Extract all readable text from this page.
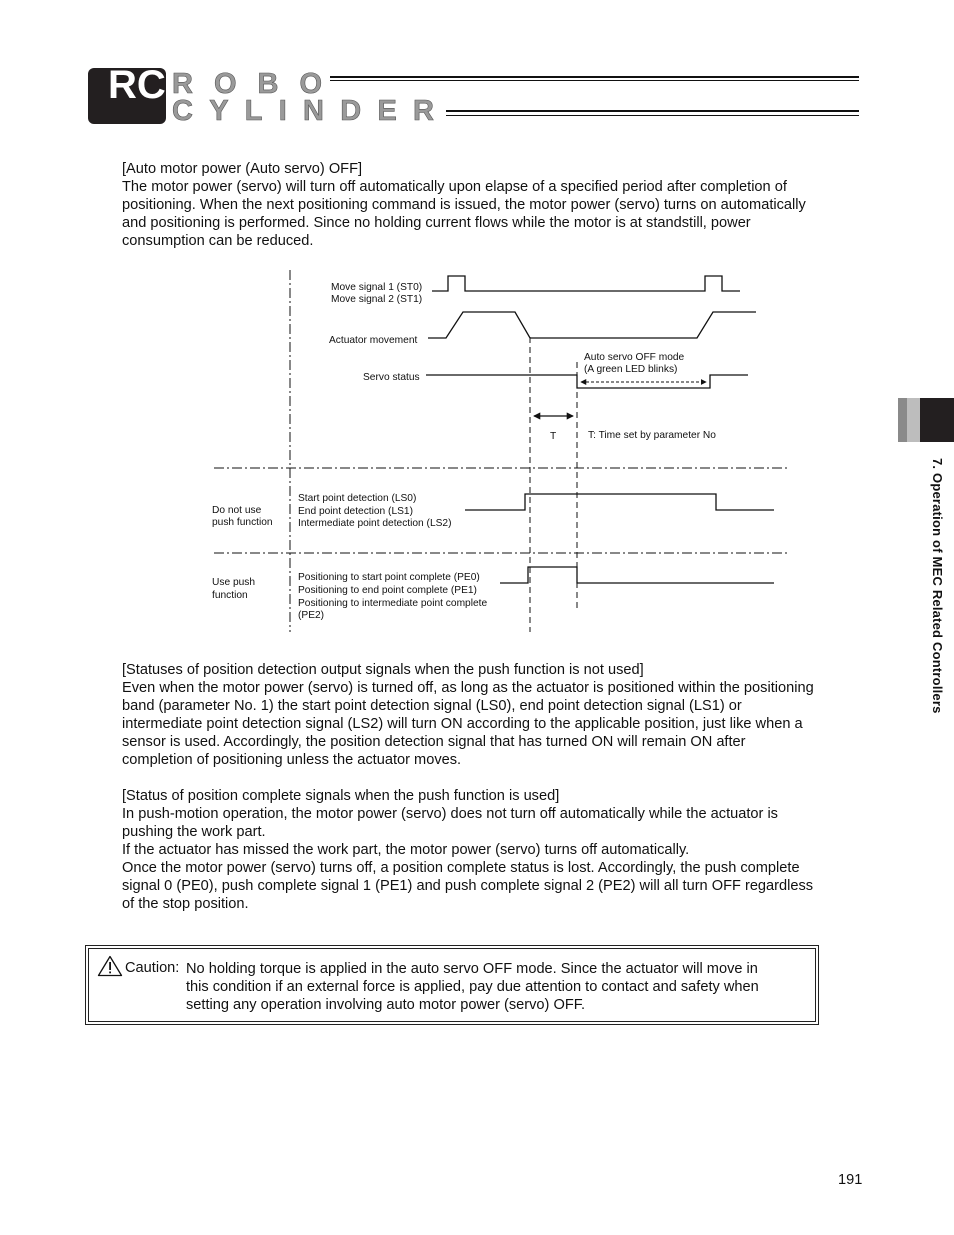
RC ROBO
CYLINDER
7. Operation of MEC Related Controllers
[Auto motor power (Auto servo) OFF]
The motor power (servo) will turn off automatically upon elapse of a specified period after completion of
positioning. When the next positioning command is issued, the motor power (servo) turns on automatically
and positioning is performed. Since no holding current flows while the motor is at standstill, power
consumption can be reduced.
Move signal 1 (ST0)
Move signal 2 (ST1)
Actuator movement
Servo status
Auto servo OFF mode
(A green LED blinks)
T	T: Time set by parameter No
Do not use
push function
Start point detection (LS0)
End point detection (LS1)
Intermediate point detection (LS2)
Use push
function
Positioning to start point complete (PE0)
Positioning to end point complete (PE1)
Positioning to intermediate point complete
(PE2)
[Statuses of position detection output signals when the push function is not used]
Even when the motor power (servo) is turned off, as long as the actuator is positioned within the positioning
band (parameter No. 1) the start point detection signal (LS0), end point detection signal (LS1) or
intermediate point detection signal (LS2) will turn ON according to the applicable position, just like when a
sensor is used. Accordingly, the position detection signal that has turned ON will remain ON after
completion of positioning unless the actuator moves.
[Status of position complete signals when the push function is used]
In push-motion operation, the motor power (servo) does not turn off automatically while the actuator is
pushing the work part.
If the actuator has missed the work part, the motor power (servo) turns off automatically.
Once the motor power (servo) turns off, a position complete status is lost. Accordingly, the push complete
signal 0 (PE0), push complete signal 1 (PE1) and push complete signal 2 (PE2) will all turn OFF regardless
of the stop position.
Caution: No holding torque is applied in the auto servo OFF mode. Since the actuator will move in
this condition if an external force is applied, pay due attention to contact and safety when
setting any operation involving auto motor power (servo) OFF.
191
